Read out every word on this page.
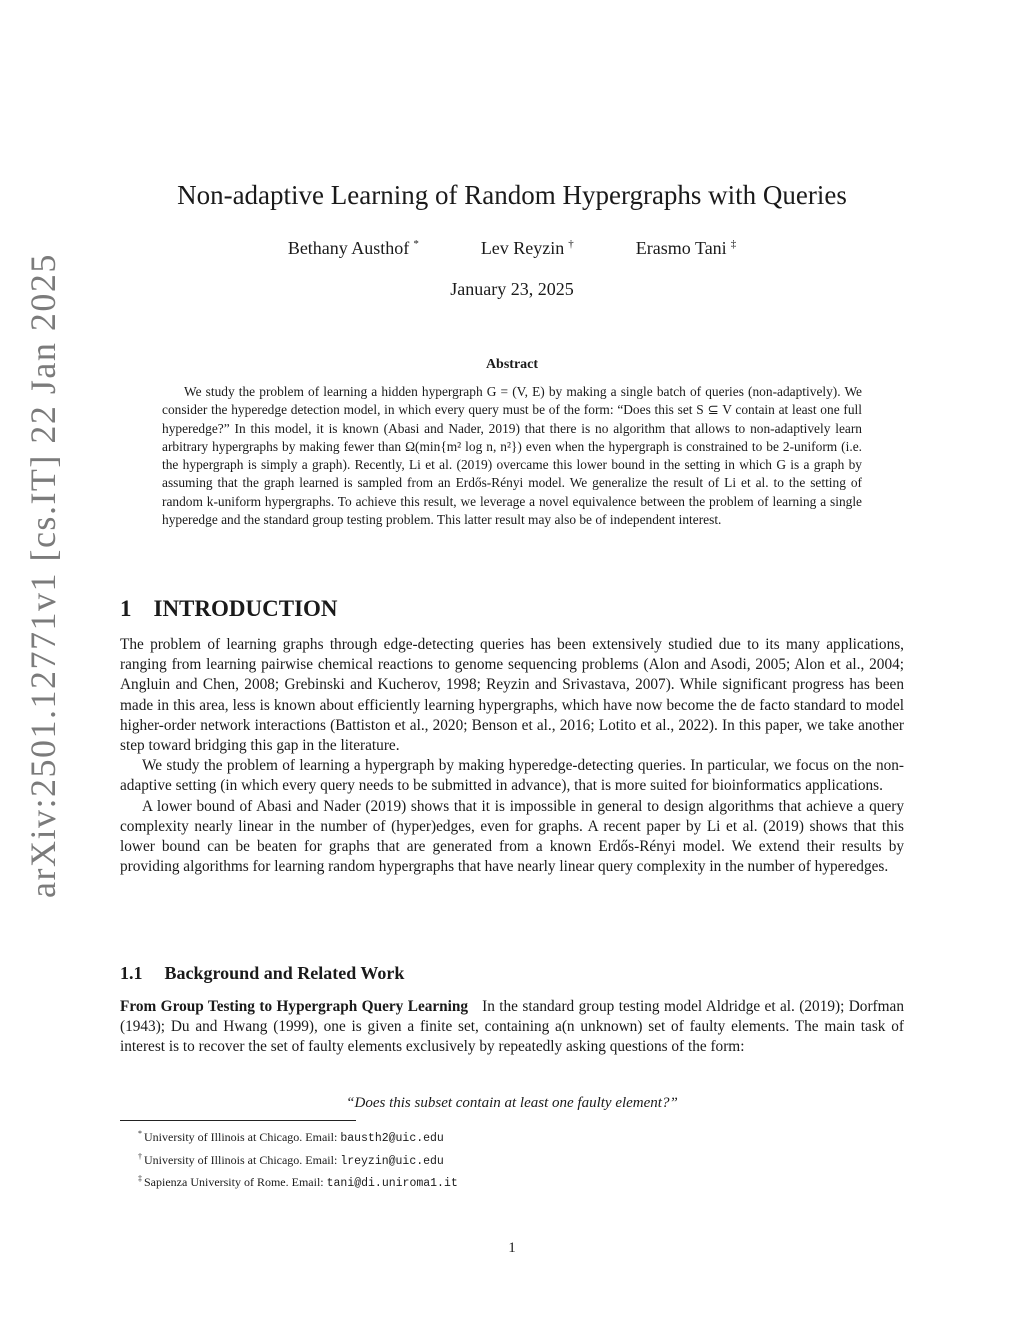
arXiv:2501.12771v1 [cs.IT] 22 Jan 2025
Non-adaptive Learning of Random Hypergraphs with Queries
Bethany Austhof *	Lev Reyzin †	Erasmo Tani ‡
January 23, 2025
Abstract

We study the problem of learning a hidden hypergraph G = (V, E) by making a single batch of queries (non-adaptively). We consider the hyperedge detection model, in which every query must be of the form: “Does this set S ⊆ V contain at least one full hyperedge?” In this model, it is known (Abasi and Nader, 2019) that there is no algorithm that allows to non-adaptively learn arbitrary hypergraphs by making fewer than Ω(min{m² log n, n²}) even when the hypergraph is constrained to be 2-uniform (i.e. the hypergraph is simply a graph). Recently, Li et al. (2019) overcame this lower bound in the setting in which G is a graph by assuming that the graph learned is sampled from an Erdős-Rényi model. We generalize the result of Li et al. to the setting of random k-uniform hypergraphs. To achieve this result, we leverage a novel equivalence between the problem of learning a single hyperedge and the standard group testing problem. This latter result may also be of independent interest.

1 INTRODUCTION

The problem of learning graphs through edge-detecting queries has been extensively studied due to its many applications, ranging from learning pairwise chemical reactions to genome sequencing problems (Alon and Asodi, 2005; Alon et al., 2004; Angluin and Chen, 2008; Grebinski and Kucherov, 1998; Reyzin and Srivastava, 2007). While significant progress has been made in this area, less is known about efficiently learning hypergraphs, which have now become the de facto standard to model higher-order network interactions (Battiston et al., 2020; Benson et al., 2016; Lotito et al., 2022). In this paper, we take another step toward bridging this gap in the literature.

We study the problem of learning a hypergraph by making hyperedge-detecting queries. In particular, we focus on the non-adaptive setting (in which every query needs to be submitted in advance), that is more suited for bioinformatics applications.

A lower bound of Abasi and Nader (2019) shows that it is impossible in general to design algorithms that achieve a query complexity nearly linear in the number of (hyper)edges, even for graphs. A recent paper by Li et al. (2019) shows that this lower bound can be beaten for graphs that are generated from a known Erdős-Rényi model. We extend their results by providing algorithms for learning random hypergraphs that have nearly linear query complexity in the number of hyperedges.

1.1 Background and Related Work

From Group Testing to Hypergraph Query Learning In the standard group testing model Aldridge et al. (2019); Dorfman (1943); Du and Hwang (1999), one is given a finite set, containing a(n unknown) set of faulty elements. The main task of interest is to recover the set of faulty elements exclusively by repeatedly asking questions of the form:

“Does this subset contain at least one faulty element?”
* University of Illinois at Chicago. Email: bausth2@uic.edu
† University of Illinois at Chicago. Email: lreyzin@uic.edu
‡ Sapienza University of Rome. Email: tani@di.uniroma1.it
1
